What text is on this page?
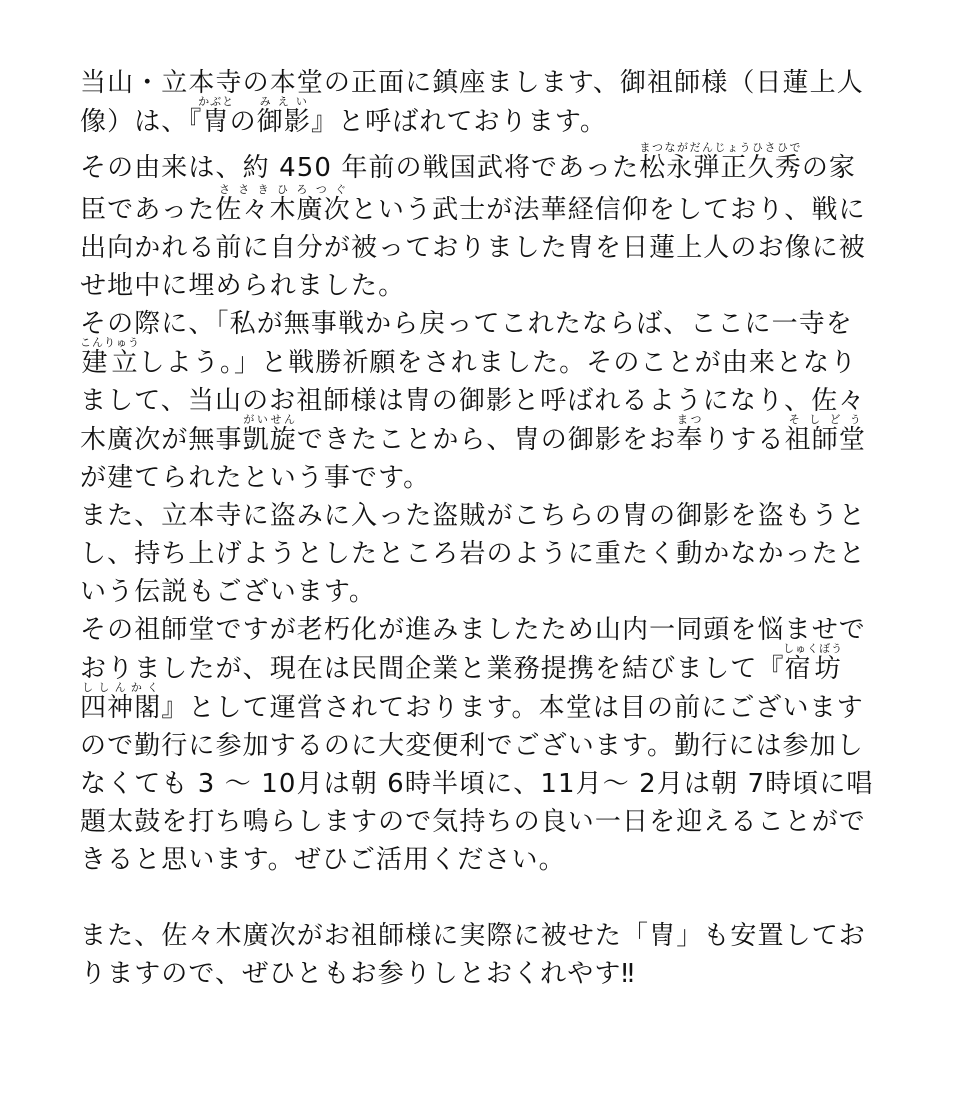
当山・立本寺の本堂の正面に鎮座まします、御祖師様（日蓮上人像）は、『冑かぶとの御影みえい』と呼ばれております。

その由来は、約 450 年前の戦国武将であった松永弾正久秀まつながだんじょうひさひでの家臣であった佐々木廣次ささきひろつぐという武士が法華経信仰をしており、戦に出向かれる前に自分が被っておりました冑を日蓮上人のお像に被せ地中に埋められました。

その際に、「私が無事戦から戻ってこれたならば、ここに一寺を建立こんりゅうしよう。」と戦勝祈願をされました。そのことが由来となりまして、当山のお祖師様は冑の御影と呼ばれるようになり、佐々木廣次が無事凱旋がいせんできたことから、冑の御影をお奉まつりする祖師堂そしどうが建てられたという事です。

また、立本寺に盗みに入った盗賊がこちらの冑の御影を盗もうとし、持ち上げようとしたところ岩のように重たく動かなかったという伝説もございます。

その祖師堂ですが老朽化が進みましたため山内一同頭を悩ませでおりましたが、現在は民間企業と業務提携を結びまして『宿坊しゅくぼう四神閣ししんかく』として運営されております。本堂は目の前にございますので勤行に参加するのに大変便利でございます。勤行には参加しなくても 3 〜 10月は朝 6時半頃に、11月〜 2月は朝 7時頃に唱題太鼓を打ち鳴らしますので気持ちの良い一日を迎えることができると思います。ぜひご活用ください。

また、佐々木廣次がお祖師様に実際に被せた「冑」も安置しておりますので、ぜひともお参りしとおくれやす‼
